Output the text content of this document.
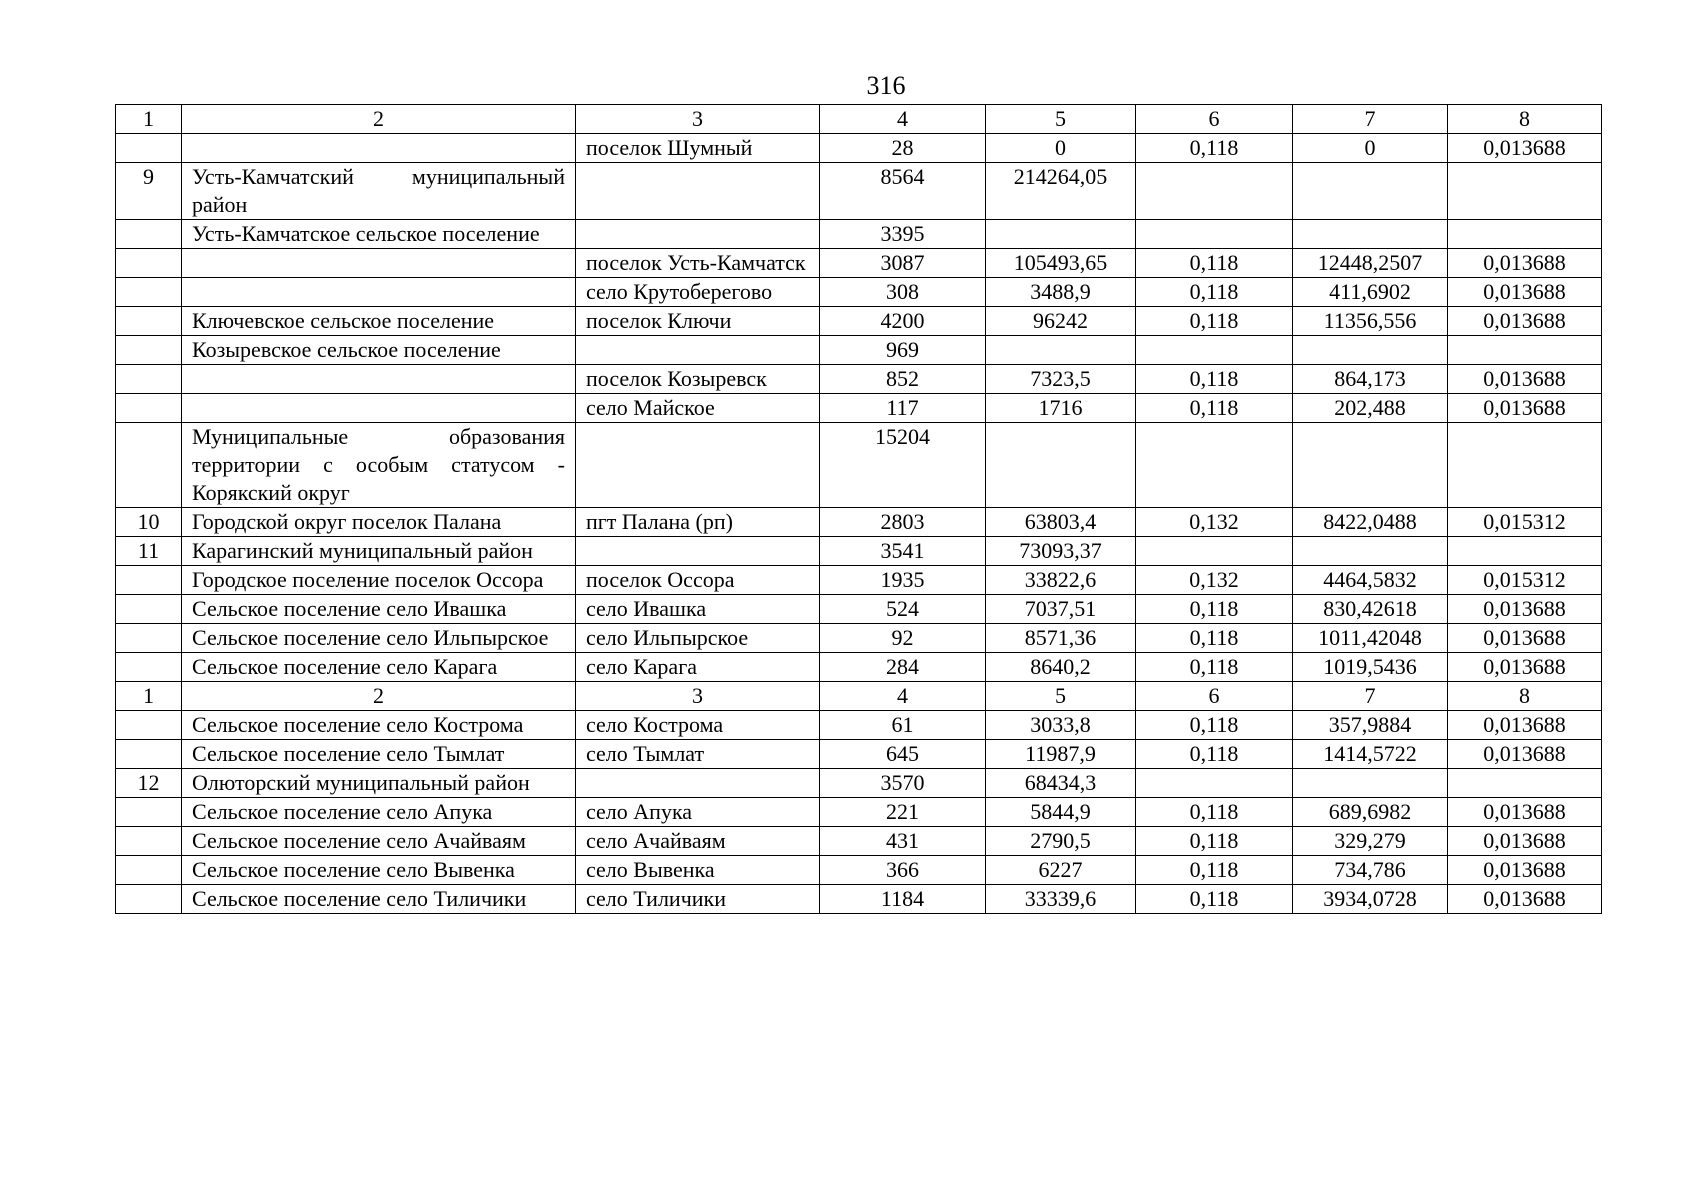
316
1	2	3	4	5	6	7	8
		поселок Шумный	28	0	0,118	0	0,013688
9	Усть-Камчатский муниципальный район		8564	214264,05			
	Усть-Камчатское сельское поселение		3395				
		поселок Усть-Камчатск	3087	105493,65	0,118	12448,2507	0,013688
		село Крутоберегово	308	3488,9	0,118	411,6902	0,013688
	Ключевское сельское поселение	поселок Ключи	4200	96242	0,118	11356,556	0,013688
	Козыревское сельское поселение		969				
		поселок Козыревск	852	7323,5	0,118	864,173	0,013688
		село Майское	117	1716	0,118	202,488	0,013688
	Муниципальные образования территории с особым статусом - Корякский округ		15204				
10	Городской округ поселок Палана	пгт Палана (рп)	2803	63803,4	0,132	8422,0488	0,015312
11	Карагинский муниципальный район		3541	73093,37			
	Городское поселение поселок Оссора	поселок Оссора	1935	33822,6	0,132	4464,5832	0,015312
	Сельское поселение село Ивашка	село Ивашка	524	7037,51	0,118	830,42618	0,013688
	Сельское поселение село Ильпырское	село Ильпырское	92	8571,36	0,118	1011,42048	0,013688
	Сельское поселение село Карага	село Карага	284	8640,2	0,118	1019,5436	0,013688
1	2	3	4	5	6	7	8
	Сельское поселение село Кострома	село Кострома	61	3033,8	0,118	357,9884	0,013688
	Сельское поселение село Тымлат	село Тымлат	645	11987,9	0,118	1414,5722	0,013688
12	Олюторский муниципальный район		3570	68434,3			
	Сельское поселение село Апука	село Апука	221	5844,9	0,118	689,6982	0,013688
	Сельское поселение село Ачайваям	село Ачайваям	431	2790,5	0,118	329,279	0,013688
	Сельское поселение село Вывенка	село Вывенка	366	6227	0,118	734,786	0,013688
	Сельское поселение село Тиличики	село Тиличики	1184	33339,6	0,118	3934,0728	0,013688
